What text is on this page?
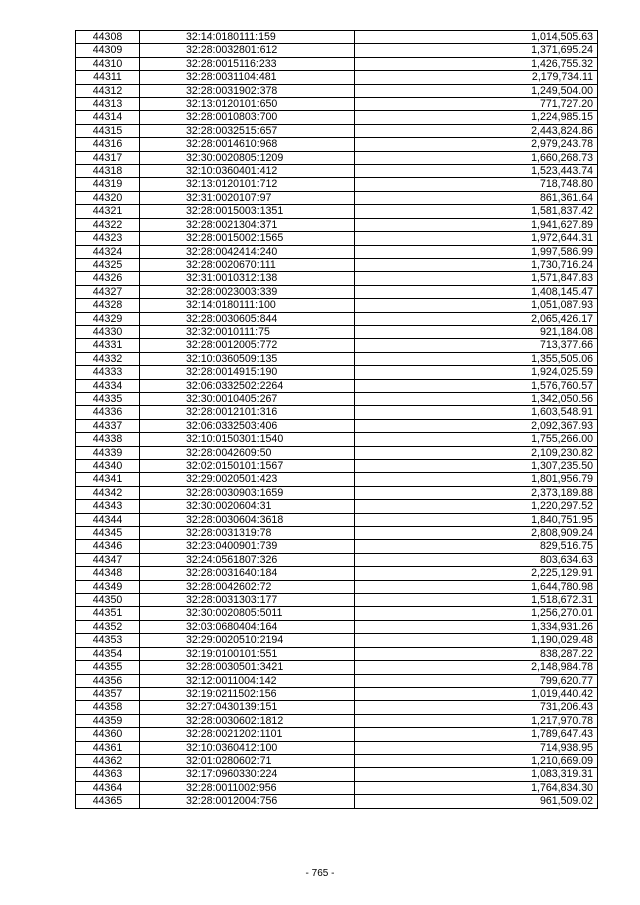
44308	32:14:0180111:159	1,014,505.63
44309	32:28:0032801:612	1,371,695.24
44310	32:28:0015116:233	1,426,755.32
44311	32:28:0031104:481	2,179,734.11
44312	32:28:0031902:378	1,249,504.00
44313	32:13:0120101:650	771,727.20
44314	32:28:0010803:700	1,224,985.15
44315	32:28:0032515:657	2,443,824.86
44316	32:28:0014610:968	2,979,243.78
44317	32:30:0020805:1209	1,660,268.73
44318	32:10:0360401:412	1,523,443.74
44319	32:13:0120101:712	718,748.80
44320	32:31:0020107:97	861,361.64
44321	32:28:0015003:1351	1,581,837.42
44322	32:28:0021304:371	1,941,627.89
44323	32:28:0015002:1565	1,972,644.31
44324	32:28:0042414:240	1,997,586.99
44325	32:28:0020670:111	1,730,716.24
44326	32:31:0010312:138	1,571,847.83
44327	32:28:0023003:339	1,408,145.47
44328	32:14:0180111:100	1,051,087.93
44329	32:28:0030605:844	2,065,426.17
44330	32:32:0010111:75	921,184.08
44331	32:28:0012005:772	713,377.66
44332	32:10:0360509:135	1,355,505.06
44333	32:28:0014915:190	1,924,025.59
44334	32:06:0332502:2264	1,576,760.57
44335	32:30:0010405:267	1,342,050.56
44336	32:28:0012101:316	1,603,548.91
44337	32:06:0332503:406	2,092,367.93
44338	32:10:0150301:1540	1,755,266.00
44339	32:28:0042609:50	2,109,230.82
44340	32:02:0150101:1567	1,307,235.50
44341	32:29:0020501:423	1,801,956.79
44342	32:28:0030903:1659	2,373,189.88
44343	32:30:0020604:31	1,220,297.52
44344	32:28:0030604:3618	1,840,751.95
44345	32:28:0031319:78	2,808,909.24
44346	32:23:0400901:739	829,516.75
44347	32:24:0561807:326	803,634.63
44348	32:28:0031640:184	2,225,129.91
44349	32:28:0042602:72	1,644,780.98
44350	32:28:0031303:177	1,518,672.31
44351	32:30:0020805:5011	1,256,270.01
44352	32:03:0680404:164	1,334,931.26
44353	32:29:0020510:2194	1,190,029.48
44354	32:19:0100101:551	838,287.22
44355	32:28:0030501:3421	2,148,984.78
44356	32:12:0011004:142	799,620.77
44357	32:19:0211502:156	1,019,440.42
44358	32:27:0430139:151	731,206.43
44359	32:28:0030602:1812	1,217,970.78
44360	32:28:0021202:1101	1,789,647.43
44361	32:10:0360412:100	714,938.95
44362	32:01:0280602:71	1,210,669.09
44363	32:17:0960330:224	1,083,319.31
44364	32:28:0011002:956	1,764,834.30
44365	32:28:0012004:756	961,509.02
- 765 -
